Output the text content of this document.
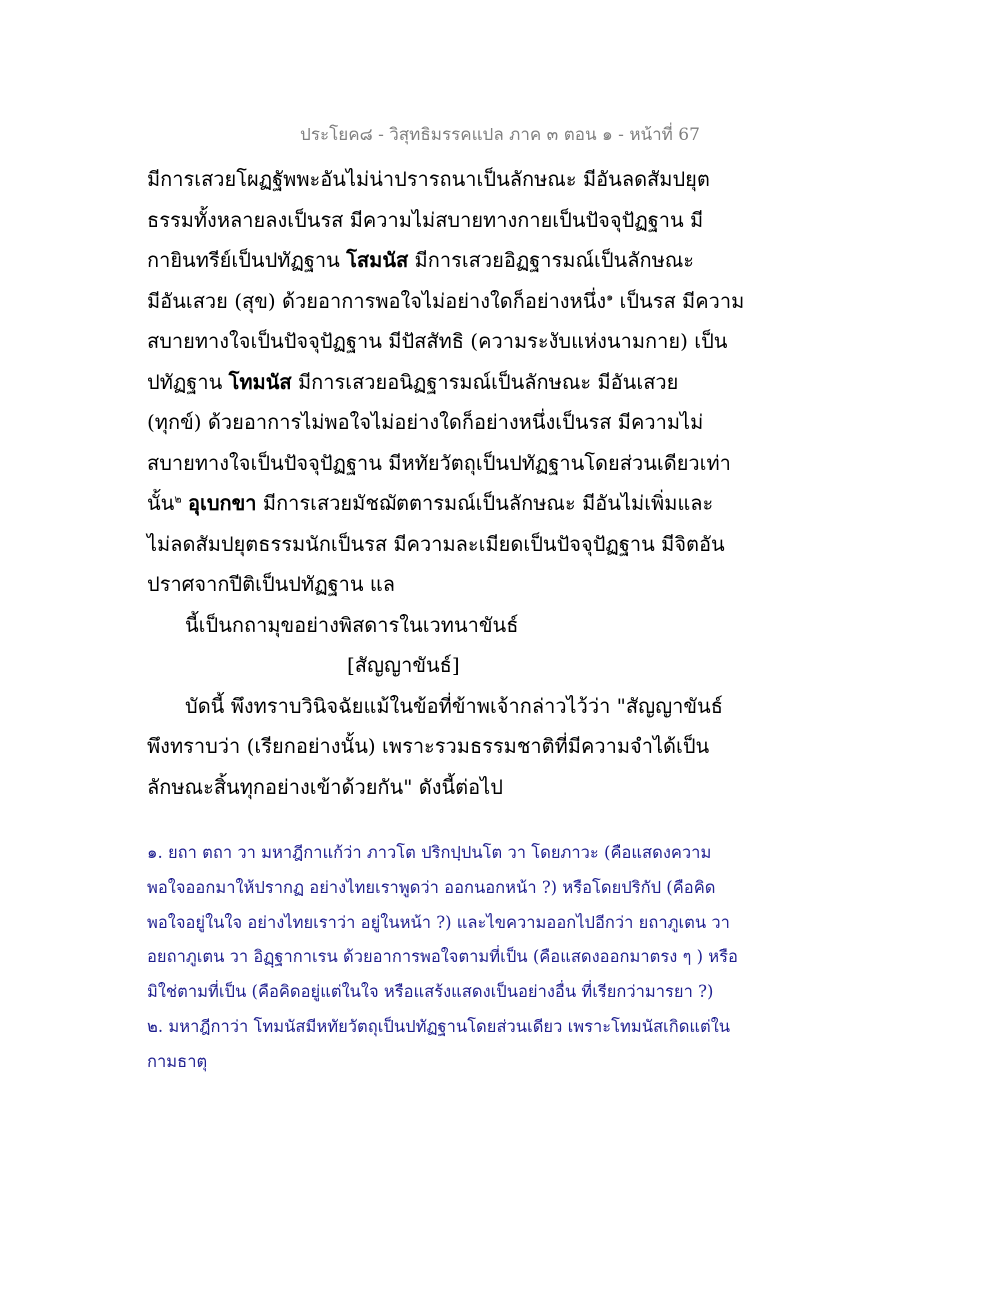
ประโยค๘ - วิสุทธิมรรคแปล ภาค ๓ ตอน ๑ - หน้าที่ 67
มีการเสวยโผฏฐัพพะอันไม่น่าปรารถนาเป็นลักษณะ มีอันลดสัมปยุต
ธรรมทั้งหลายลงเป็นรส มีความไม่สบายทางกายเป็นปัจจุปัฏฐาน มี
กายินทรีย์เป็นปทัฏฐาน โสมนัส มีการเสวยอิฏฐารมณ์เป็นลักษณะ
มีอันเสวย (สุข) ด้วยอาการพอใจไม่อย่างใดก็อย่างหนึ่ง$^๑$ เป็นรส มีความ
สบายทางใจเป็นปัจจุปัฏฐาน มีปัสสัทธิ (ความระงับแห่งนามกาย) เป็น
ปทัฏฐาน โทมนัส มีการเสวยอนิฏฐารมณ์เป็นลักษณะ มีอันเสวย
(ทุกข์) ด้วยอาการไม่พอใจไม่อย่างใดก็อย่างหนึ่งเป็นรส มีความไม่
สบายทางใจเป็นปัจจุปัฏฐาน มีหทัยวัตถุเป็นปทัฏฐานโดยส่วนเดียวเท่า
นั้น$^๒$ อุเบกขา มีการเสวยมัชฌัตตารมณ์เป็นลักษณะ มีอันไม่เพิ่มและ
ไม่ลดสัมปยุตธรรมนักเป็นรส มีความละเมียดเป็นปัจจุปัฏฐาน มีจิตอัน
ปราศจากปีติเป็นปทัฏฐาน แล
นี้เป็นกถามุขอย่างพิสดารในเวทนาขันธ์
[สัญญาขันธ์]
บัดนี้ พึงทราบวินิจฉัยแม้ในข้อที่ข้าพเจ้ากล่าวไว้ว่า "สัญญาขันธ์
พึงทราบว่า (เรียกอย่างนั้น) เพราะรวมธรรมชาติที่มีความจำได้เป็น
ลักษณะสิ้นทุกอย่างเข้าด้วยกัน" ดังนี้ต่อไป
๑. ยถา ตถา วา มหาฎีกาแก้ว่า ภาวโต ปริกปฺปนโต วา โดยภาวะ (คือแสดงความ
พอใจออกมาให้ปรากฏ อย่างไทยเราพูดว่า ออกนอกหน้า ?) หรือโดยปริกัป (คือคิด
พอใจอยู่ในใจ อย่างไทยเราว่า อยู่ในหน้า ?) และไขความออกไปอีกว่า ยถาภูเตน วา
อยถาภูเตน วา อิฏฺฐากาเรน ด้วยอาการพอใจตามที่เป็น (คือแสดงออกมาตรง ๆ ) หรือ
มิใช่ตามที่เป็น (คือคิดอยู่แต่ในใจ หรือแสร้งแสดงเป็นอย่างอื่น ที่เรียกว่ามารยา ?)
๒. มหาฎีกาว่า โทมนัสมีหทัยวัตถุเป็นปทัฏฐานโดยส่วนเดียว เพราะโทมนัสเกิดแต่ใน
กามธาตุ
